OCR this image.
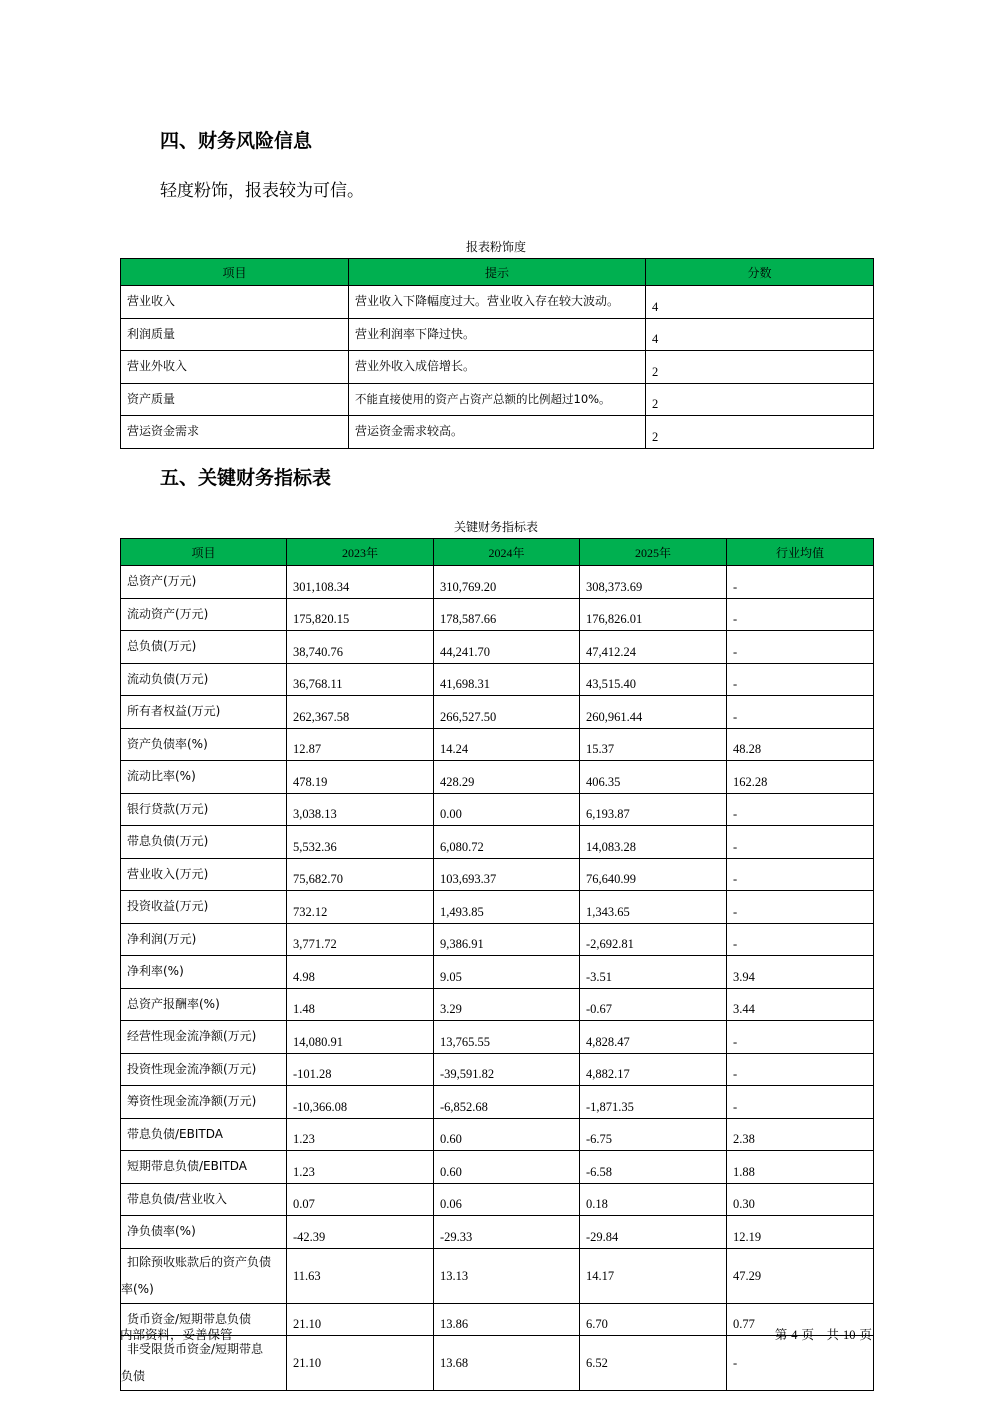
四、财务风险信息
轻度粉饰，报表较为可信。
报表粉饰度
项目	提示	分数
营业收入	营业收入下降幅度过大。营业收入存在较大波动。	4
利润质量	营业利润率下降过快。	4
营业外收入	营业外收入成倍增长。	2
资产质量	不能直接使用的资产占资产总额的比例超过10%。	2
营运资金需求	营运资金需求较高。	2
五、关键财务指标表
关键财务指标表
项目	2023年	2024年	2025年	行业均值
总资产(万元)	301,108.34	310,769.20	308,373.69	-
流动资产(万元)	175,820.15	178,587.66	176,826.01	-
总负债(万元)	38,740.76	44,241.70	47,412.24	-
流动负债(万元)	36,768.11	41,698.31	43,515.40	-
所有者权益(万元)	262,367.58	266,527.50	260,961.44	-
资产负债率(%)	12.87	14.24	15.37	48.28
流动比率(%)	478.19	428.29	406.35	162.28
银行贷款(万元)	3,038.13	0.00	6,193.87	-
带息负债(万元)	5,532.36	6,080.72	14,083.28	-
营业收入(万元)	75,682.70	103,693.37	76,640.99	-
投资收益(万元)	732.12	1,493.85	1,343.65	-
净利润(万元)	3,771.72	9,386.91	-2,692.81	-
净利率(%)	4.98	9.05	-3.51	3.94
总资产报酬率(%)	1.48	3.29	-0.67	3.44
经营性现金流净额(万元)	14,080.91	13,765.55	4,828.47	-
投资性现金流净额(万元)	-101.28	-39,591.82	4,882.17	-
筹资性现金流净额(万元)	-10,366.08	-6,852.68	-1,871.35	-
带息负债/EBITDA	1.23	0.60	-6.75	2.38
短期带息负债/EBITDA	1.23	0.60	-6.58	1.88
带息负债/营业收入	0.07	0.06	0.18	0.30
净负债率(%)	-42.39	-29.33	-29.84	12.19

扣除预收账款后的资产负债
率(%)	11.63	13.13	14.17	47.29
货币资金/短期带息负债	21.10	13.86	6.70	0.77

非受限货币资金/短期带息
负债	21.10	13.68	6.52	-
内部资料，妥善保管	第 4 页　共 10 页
